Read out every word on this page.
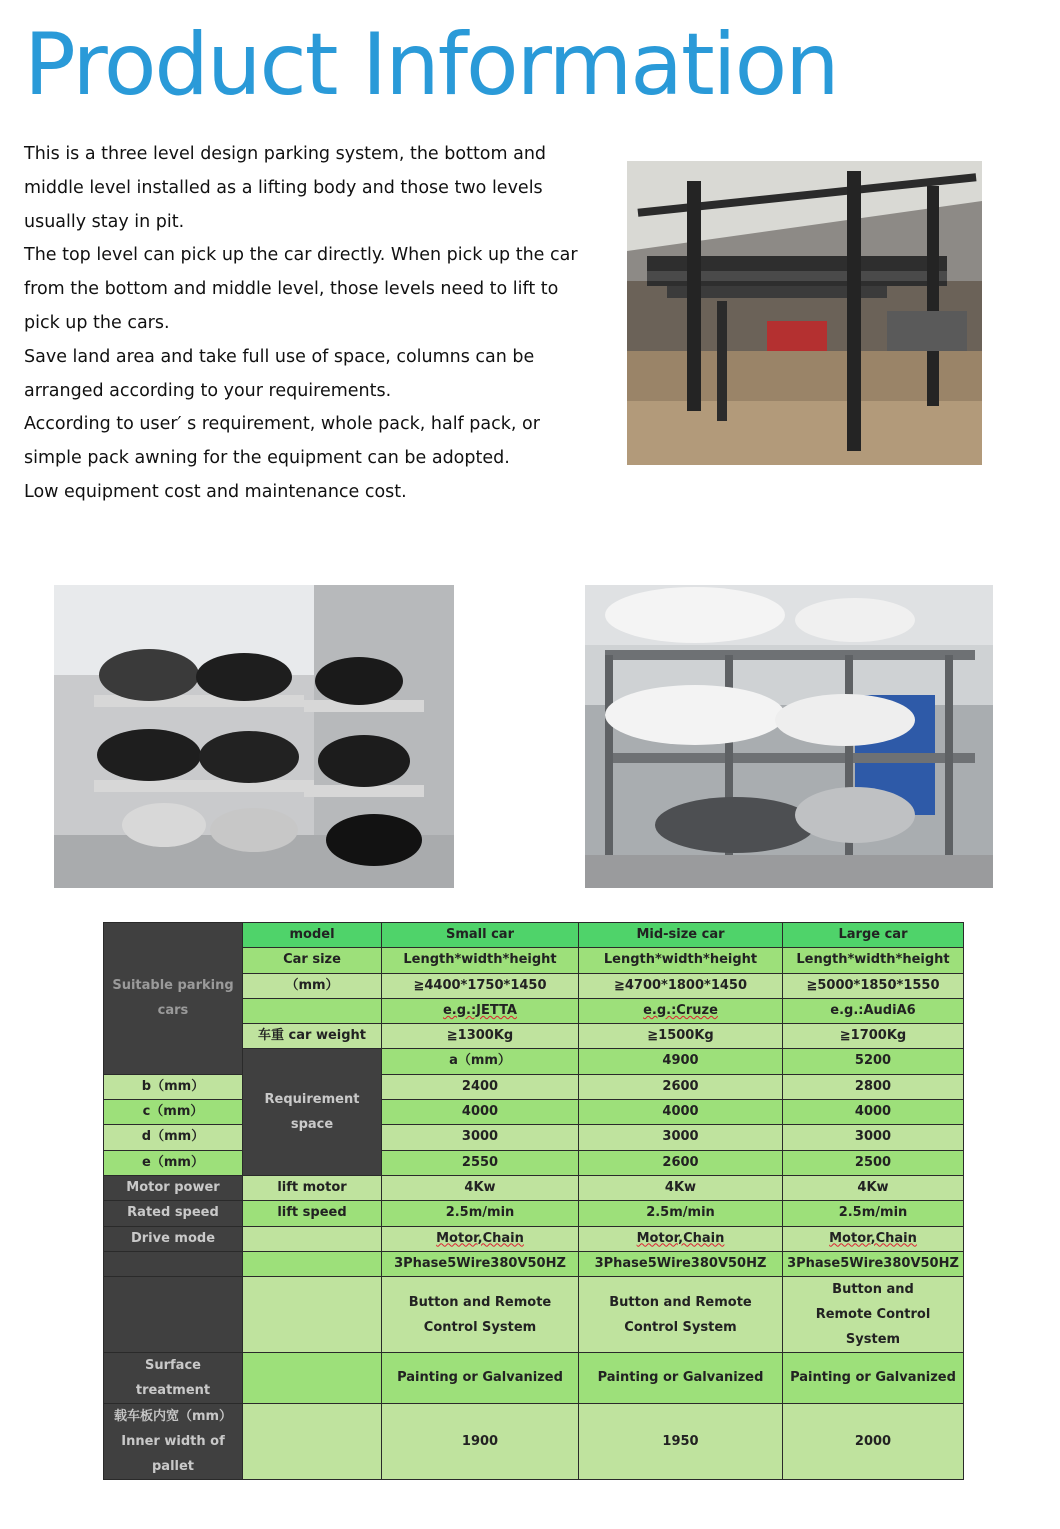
Product Information

This is a three level design parking system, the bottom and middle level installed as a lifting body and those two levels usually stay in pit.

The top level can pick up the car directly. When pick up the car from the bottom and middle level, those levels need to lift to pick up the cars.

Save land area and take full use of space, columns can be arranged according to your requirements.

According to user′ s requirement, whole pack, half pack, or simple pack awning for the equipment can be adopted.

Low equipment cost and maintenance cost.

Suitable parking cars	model	Small car	Mid-size car	Large car	
	Car size	Length*width*height	Length*width*height	Length*width*height	
	（mm）	≧4400*1750*1450	≧4700*1800*1450	≧5000*1850*1550	
		e.g.:JETTA	e.g.:Cruze	e.g.:AudiA6	
	车重 car weight	≧1300Kg	≧1500Kg	≧1700Kg	
	Requirement space	a（mm）	4900	5200	
b（mm）		2400	2600	2800	
c（mm）		4000	4000	4000	
d（mm）		3000	3000	3000	
e（mm）		2550	2600	2500	
Motor power	lift motor	4Kw	4Kw	4Kw	
Rated speed	lift speed	2.5m/min	2.5m/min	2.5m/min	
Drive mode		Motor,Chain	Motor,Chain	Motor,Chain	
		3Phase5Wire380V50HZ	3Phase5Wire380V50HZ	3Phase5Wire380V50HZ	
		Button and Remote Control System	Button and Remote Control System	Button and Remote Control System	
Surface treatment		Painting or Galvanized	Painting or Galvanized	Painting or Galvanized	
载车板内宽（mm） Inner width of pallet		1900	1950	2000	
